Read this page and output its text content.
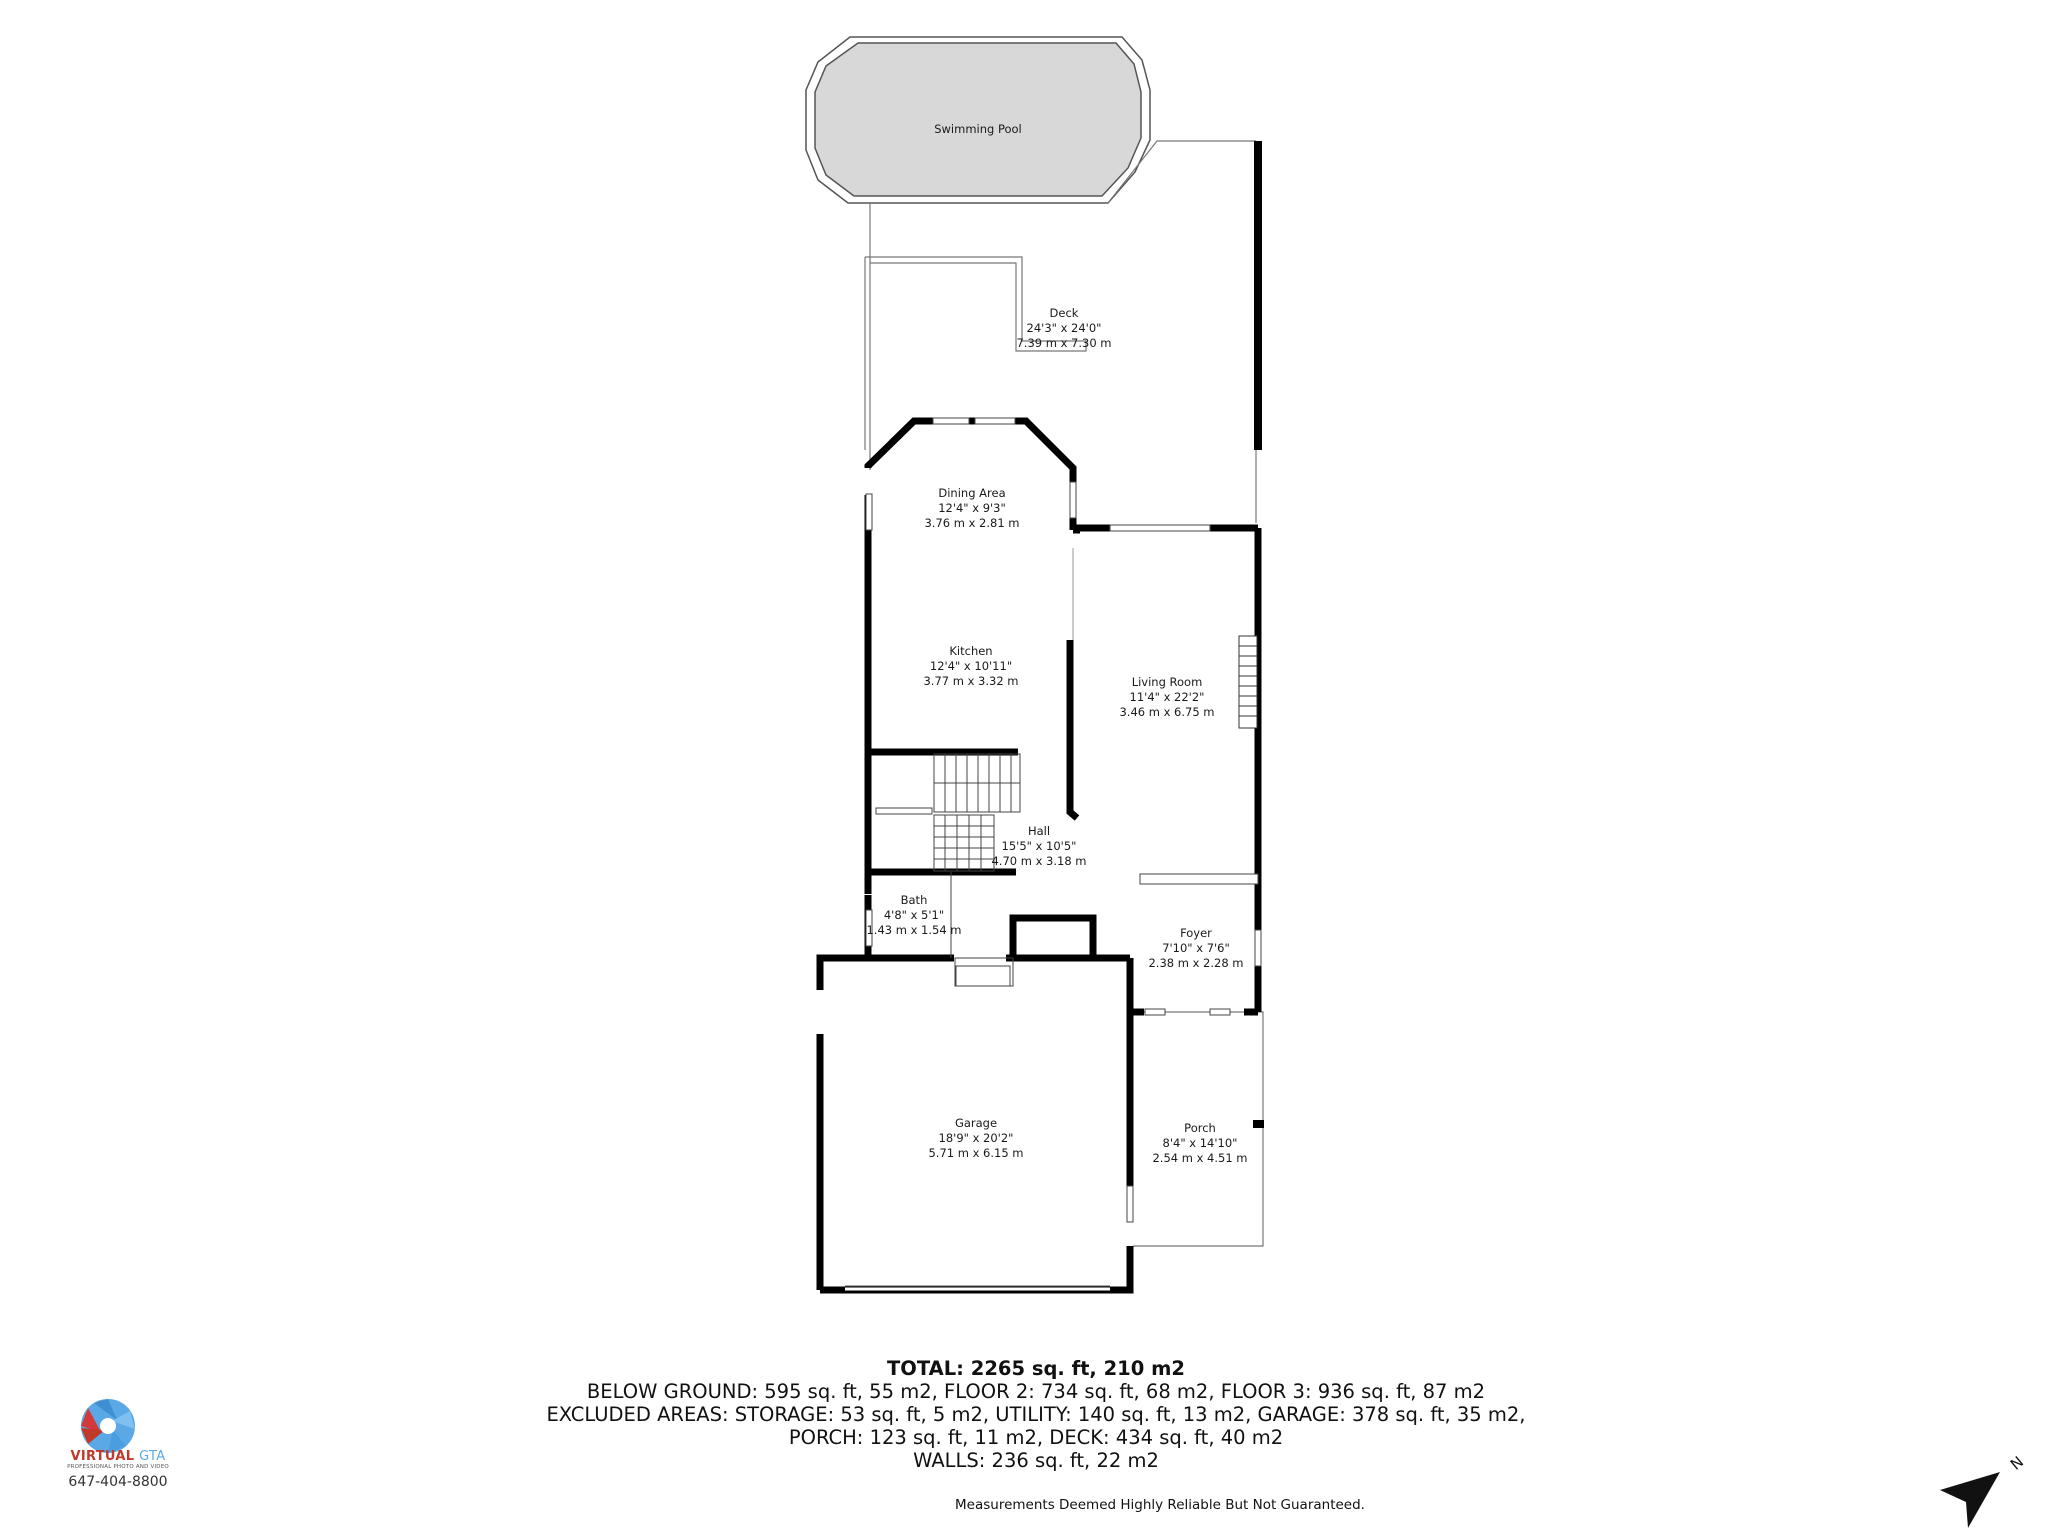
Swimming Pool
Deck
24'3" x 24'0"
7.39 m x 7.30 m
Dining Area
12'4" x 9'3"
3.76 m x 2.81 m
Kitchen
12'4" x 10'11"
3.77 m x 3.32 m	Living Room
11'4" x 22'2"
3.46 m x 6.75 m
Hall
15'5" x 10'5"
4.70 m x 3.18 m
Bath
4'8" x 5'1"
1.43 m x 1.54 m	Foyer
7'10" x 7'6"
2.38 m x 2.28 m
Garage
18'9" x 20'2"
5.71 m x 6.15 m
Porch
8'4" x 14'10"
2.54 m x 4.51 m
N
TOTAL: 2265 sq. ft, 210 m2
BELOW GROUND: 595 sq. ft, 55 m2, FLOOR 2: 734 sq. ft, 68 m2, FLOOR 3: 936 sq. ft, 87 m2
EXCLUDED AREAS: STORAGE: 53 sq. ft, 5 m2, UTILITY: 140 sq. ft, 13 m2, GARAGE: 378 sq. ft, 35 m2,
PORCH: 123 sq. ft, 11 m2, DECK: 434 sq. ft, 40 m2
WALLS: 236 sq. ft, 22 m2
Measurements Deemed Highly Reliable But Not Guaranteed.
VIRTUAL GTA
PROFESSIONAL PHOTO AND VIDEO
647-404-8800
